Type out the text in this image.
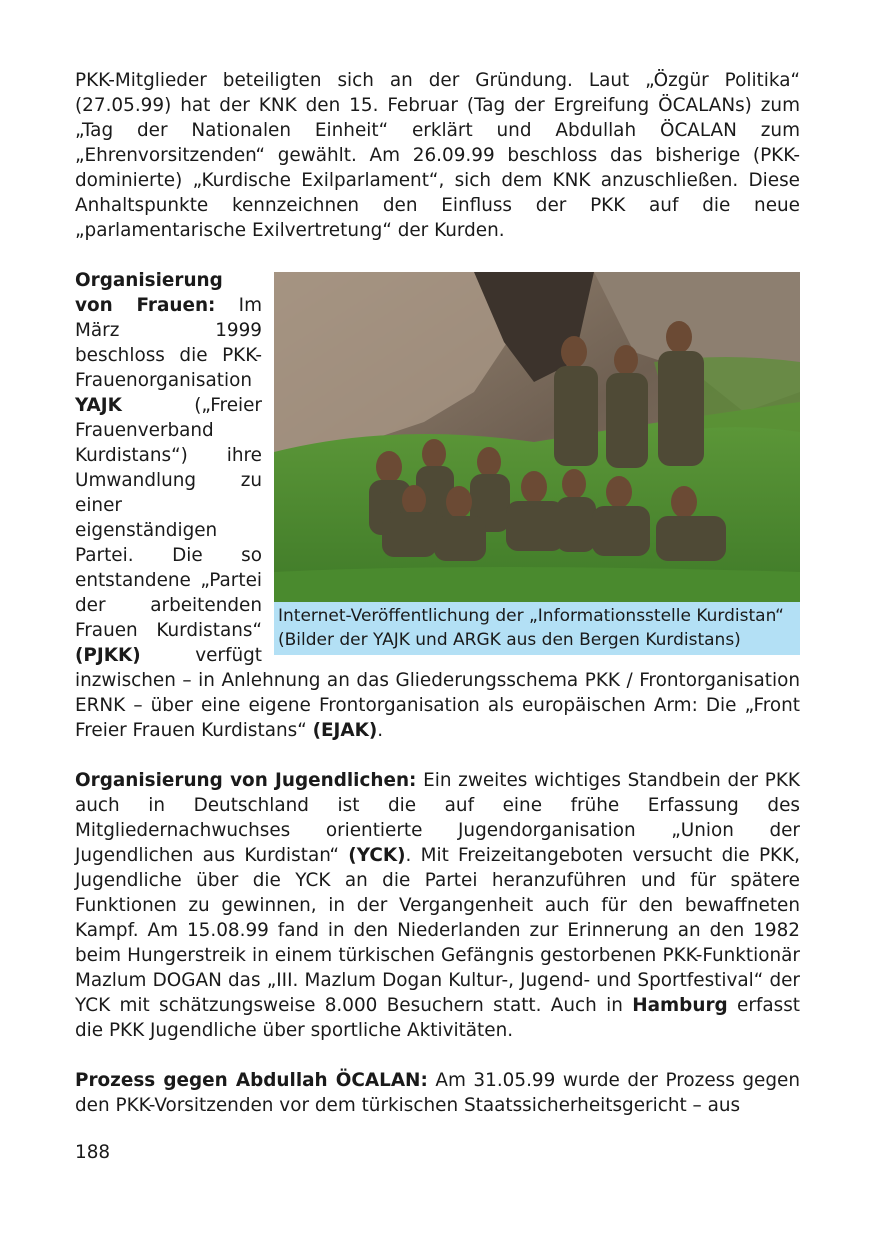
PKK-Mitglieder beteiligten sich an der Gründung. Laut „Özgür Politika“ (27.05.99) hat der KNK den 15. Februar (Tag der Ergreifung ÖCALANs) zum „Tag der Nationalen Einheit“ erklärt und Abdullah ÖCALAN zum „Ehrenvorsitzenden“ gewählt. Am 26.09.99 beschloss das bisherige (PKK-dominierte) „Kurdische Exilparlament“, sich dem KNK anzuschließen. Diese Anhaltspunkte kennzeichnen den Einfluss der PKK auf die neue „parlamentarische Exilvertretung“ der Kurden.

Internet-Veröffentlichung der „Informationsstelle Kurdistan“
(Bilder der YAJK und ARGK aus den Bergen Kurdistans)

Organisierung von Frauen: Im März 1999 beschloss die PKK-Frauenorganisation YAJK („Freier Frauenverband Kurdistans“) ihre Umwandlung zu einer eigenständigen Partei. Die so entstandene „Partei der arbeitenden Frauen Kurdistans“ (PJKK) verfügt inzwischen – in Anlehnung an das Gliederungsschema PKK / Frontorganisation ERNK – über eine eigene Frontorganisation als europäischen Arm: Die „Front Freier Frauen Kurdistans“ (EJAK).

Organisierung von Jugendlichen: Ein zweites wichtiges Standbein der PKK auch in Deutschland ist die auf eine frühe Erfassung des Mitgliedernachwuchses orientierte Jugendorganisation „Union der Jugendlichen aus Kurdistan“ (YCK). Mit Freizeitangeboten versucht die PKK, Jugendliche über die YCK an die Partei heranzuführen und für spätere Funktionen zu gewinnen, in der Vergangenheit auch für den bewaffneten Kampf. Am 15.08.99 fand in den Niederlanden zur Erinnerung an den 1982 beim Hungerstreik in einem türkischen Gefängnis gestorbenen PKK-Funktionär Mazlum DOGAN das „III. Mazlum Dogan Kultur-, Jugend- und Sportfestival“ der YCK mit schätzungsweise 8.000 Besuchern statt. Auch in Hamburg erfasst die PKK Jugendliche über sportliche Aktivitäten.

Prozess gegen Abdullah ÖCALAN: Am 31.05.99 wurde der Prozess gegen den PKK-Vorsitzenden vor dem türkischen Staatssicherheitsgericht – aus

188
